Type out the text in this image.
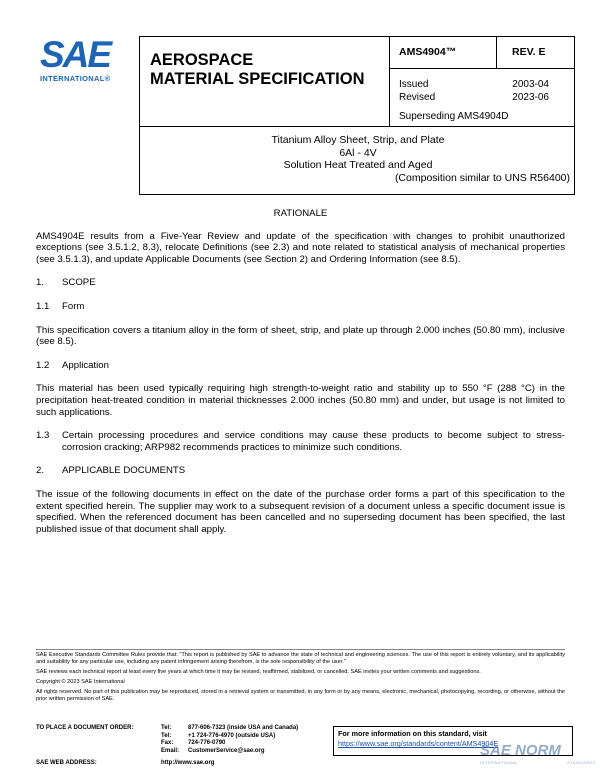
SAE
INTERNATIONAL®
AEROSPACE
MATERIAL SPECIFICATION
AMS4904™	REV. E
Issued	2003-04
Revised	2023-06
Superseding AMS4904D
Titanium Alloy Sheet, Strip, and Plate
6Al - 4V
Solution Heat Treated and Aged
(Composition similar to UNS R56400)
RATIONALE
AMS4904E results from a Five-Year Review and update of the specification with changes to prohibit unauthorized exceptions (see 3.5.1.2, 8.3), relocate Definitions (see 2.3) and note related to statistical analysis of mechanical properties (see 3.5.1.3), and update Applicable Documents (see Section 2) and Ordering Information (see 8.5).
1.	SCOPE
1.1	Form
This specification covers a titanium alloy in the form of sheet, strip, and plate up through 2.000 inches (50.80 mm), inclusive (see 8.5).
1.2	Application
This material has been used typically requiring high strength-to-weight ratio and stability up to 550 °F (288 °C) in the precipitation heat-treated condition in material thicknesses 2.000 inches (50.80 mm) and under, but usage is not limited to such applications.
1.3	Certain processing procedures and service conditions may cause these products to become subject to stress-corrosion cracking; ARP982 recommends practices to minimize such conditions.
2.	APPLICABLE DOCUMENTS
The issue of the following documents in effect on the date of the purchase order forms a part of this specification to the extent specified herein. The supplier may work to a subsequent revision of a document unless a specific document issue is specified. When the referenced document has been cancelled and no superseding document has been specified, the last published issue of that document shall apply.

SAE Executive Standards Committee Rules provide that: “This report is published by SAE to advance the state of technical and engineering sciences. The use of this report is entirely voluntary, and its applicability and suitability for any particular use, including any patent infringement arising therefrom, is the sole responsibility of the user.”

SAE reviews each technical report at least every five years at which time it may be revised, reaffirmed, stabilized, or cancelled. SAE invites your written comments and suggestions.

Copyright © 2023 SAE International

All rights reserved. No part of this publication may be reproduced, stored in a retrieval system or transmitted, in any form or by any means, electronic, mechanical, photocopying, recording, or otherwise, without the prior written permission of SAE.

TO PLACE A DOCUMENT ORDER:	Tel:	877-606-7323 (inside USA and Canada)
Tel:	+1 724-776-4970 (outside USA)
Fax:	724-776-0790
Email:	CustomerService@sae.org
SAE WEB ADDRESS:	http://www.sae.org
For more information on this standard, visit
https://www.sae.org/standards/content/AMS4904E
SAE NORM
INTERNATIONAL	STANDARDS
